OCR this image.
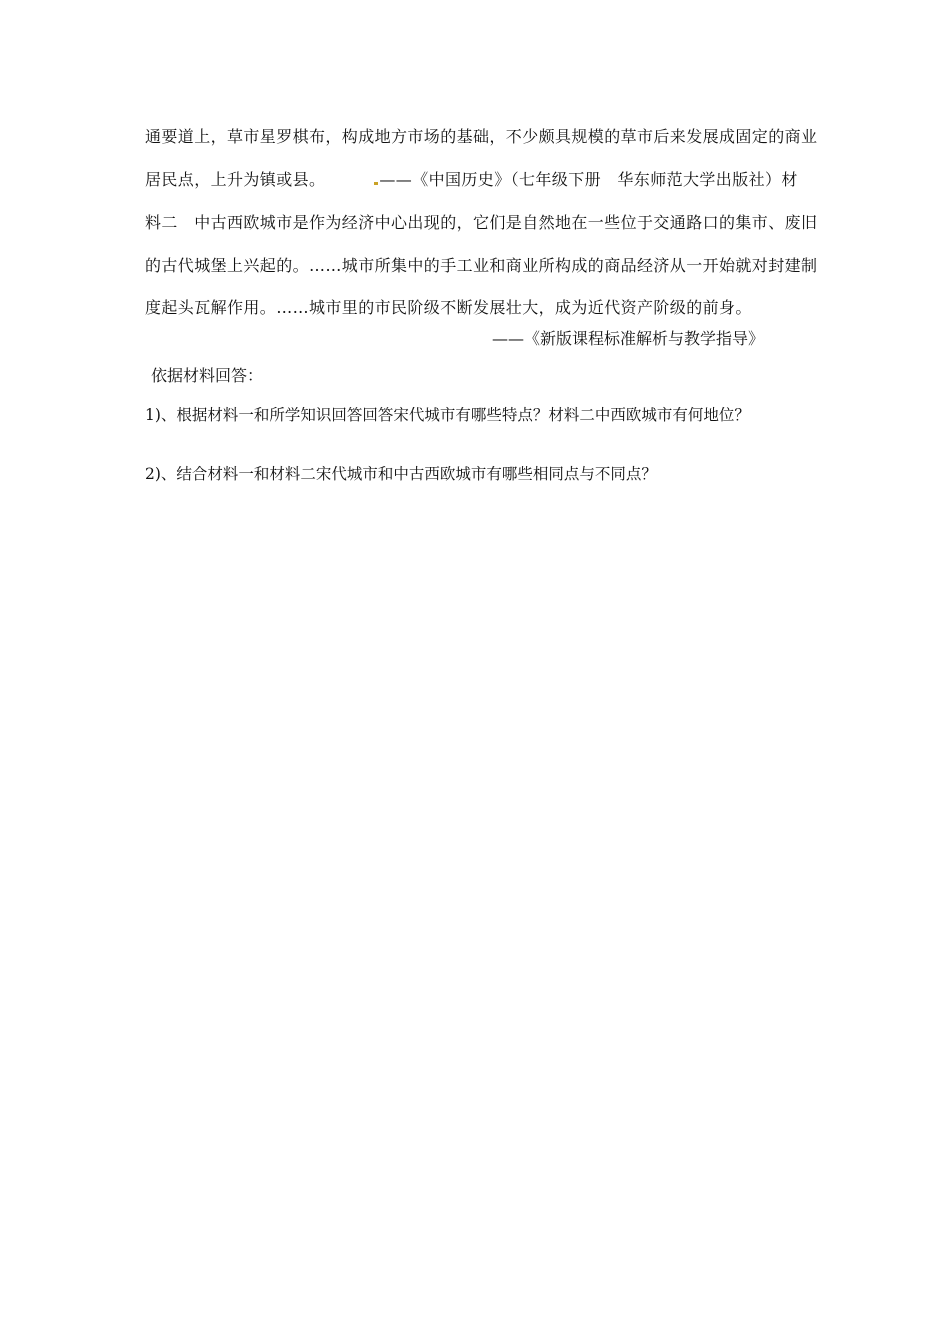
通要道上，草市星罗棋布，构成地方市场的基础，不少颇具规模的草市后来发展成固定的商业
居民点，上升为镇或县。	——《中国历史》（七年级下册　华东师范大学出版社）材
料二　中古西欧城市是作为经济中心出现的，它们是自然地在一些位于交通路口的集市、废旧
的古代城堡上兴起的。……城市所集中的手工业和商业所构成的商品经济从一开始就对封建制
度起头瓦解作用。……城市里的市民阶级不断发展壮大，成为近代资产阶级的前身。
——《新版课程标准解析与教学指导》
依据材料回答：
1)、根据材料一和所学知识回答回答宋代城市有哪些特点？材料二中西欧城市有何地位？
2)、结合材料一和材料二宋代城市和中古西欧城市有哪些相同点与不同点？
